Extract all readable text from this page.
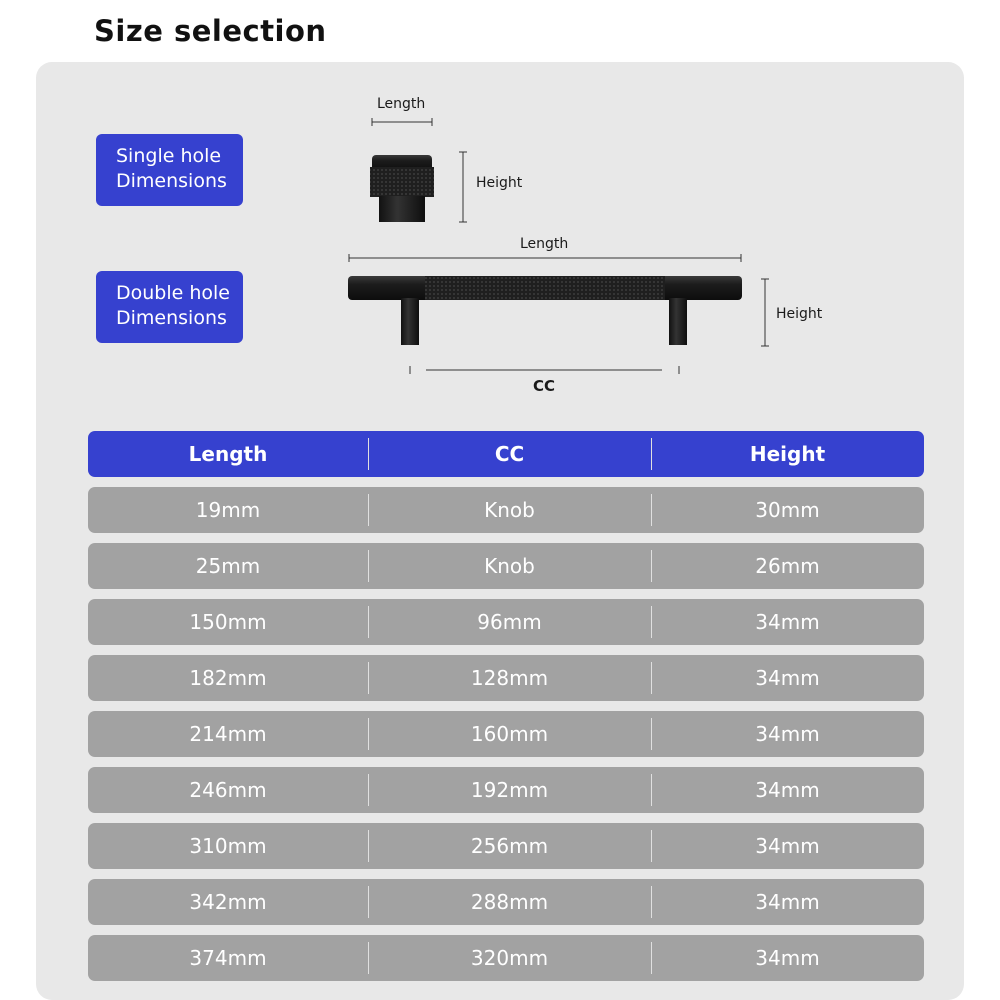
Size selection
Single hole
Dimensions
Double hole
Dimensions
Length
Height
Length
Height
CC
Length	CC	Height
19mm	Knob	30mm
25mm	Knob	26mm
150mm	96mm	34mm
182mm	128mm	34mm
214mm	160mm	34mm
246mm	192mm	34mm
310mm	256mm	34mm
342mm	288mm	34mm
374mm	320mm	34mm
